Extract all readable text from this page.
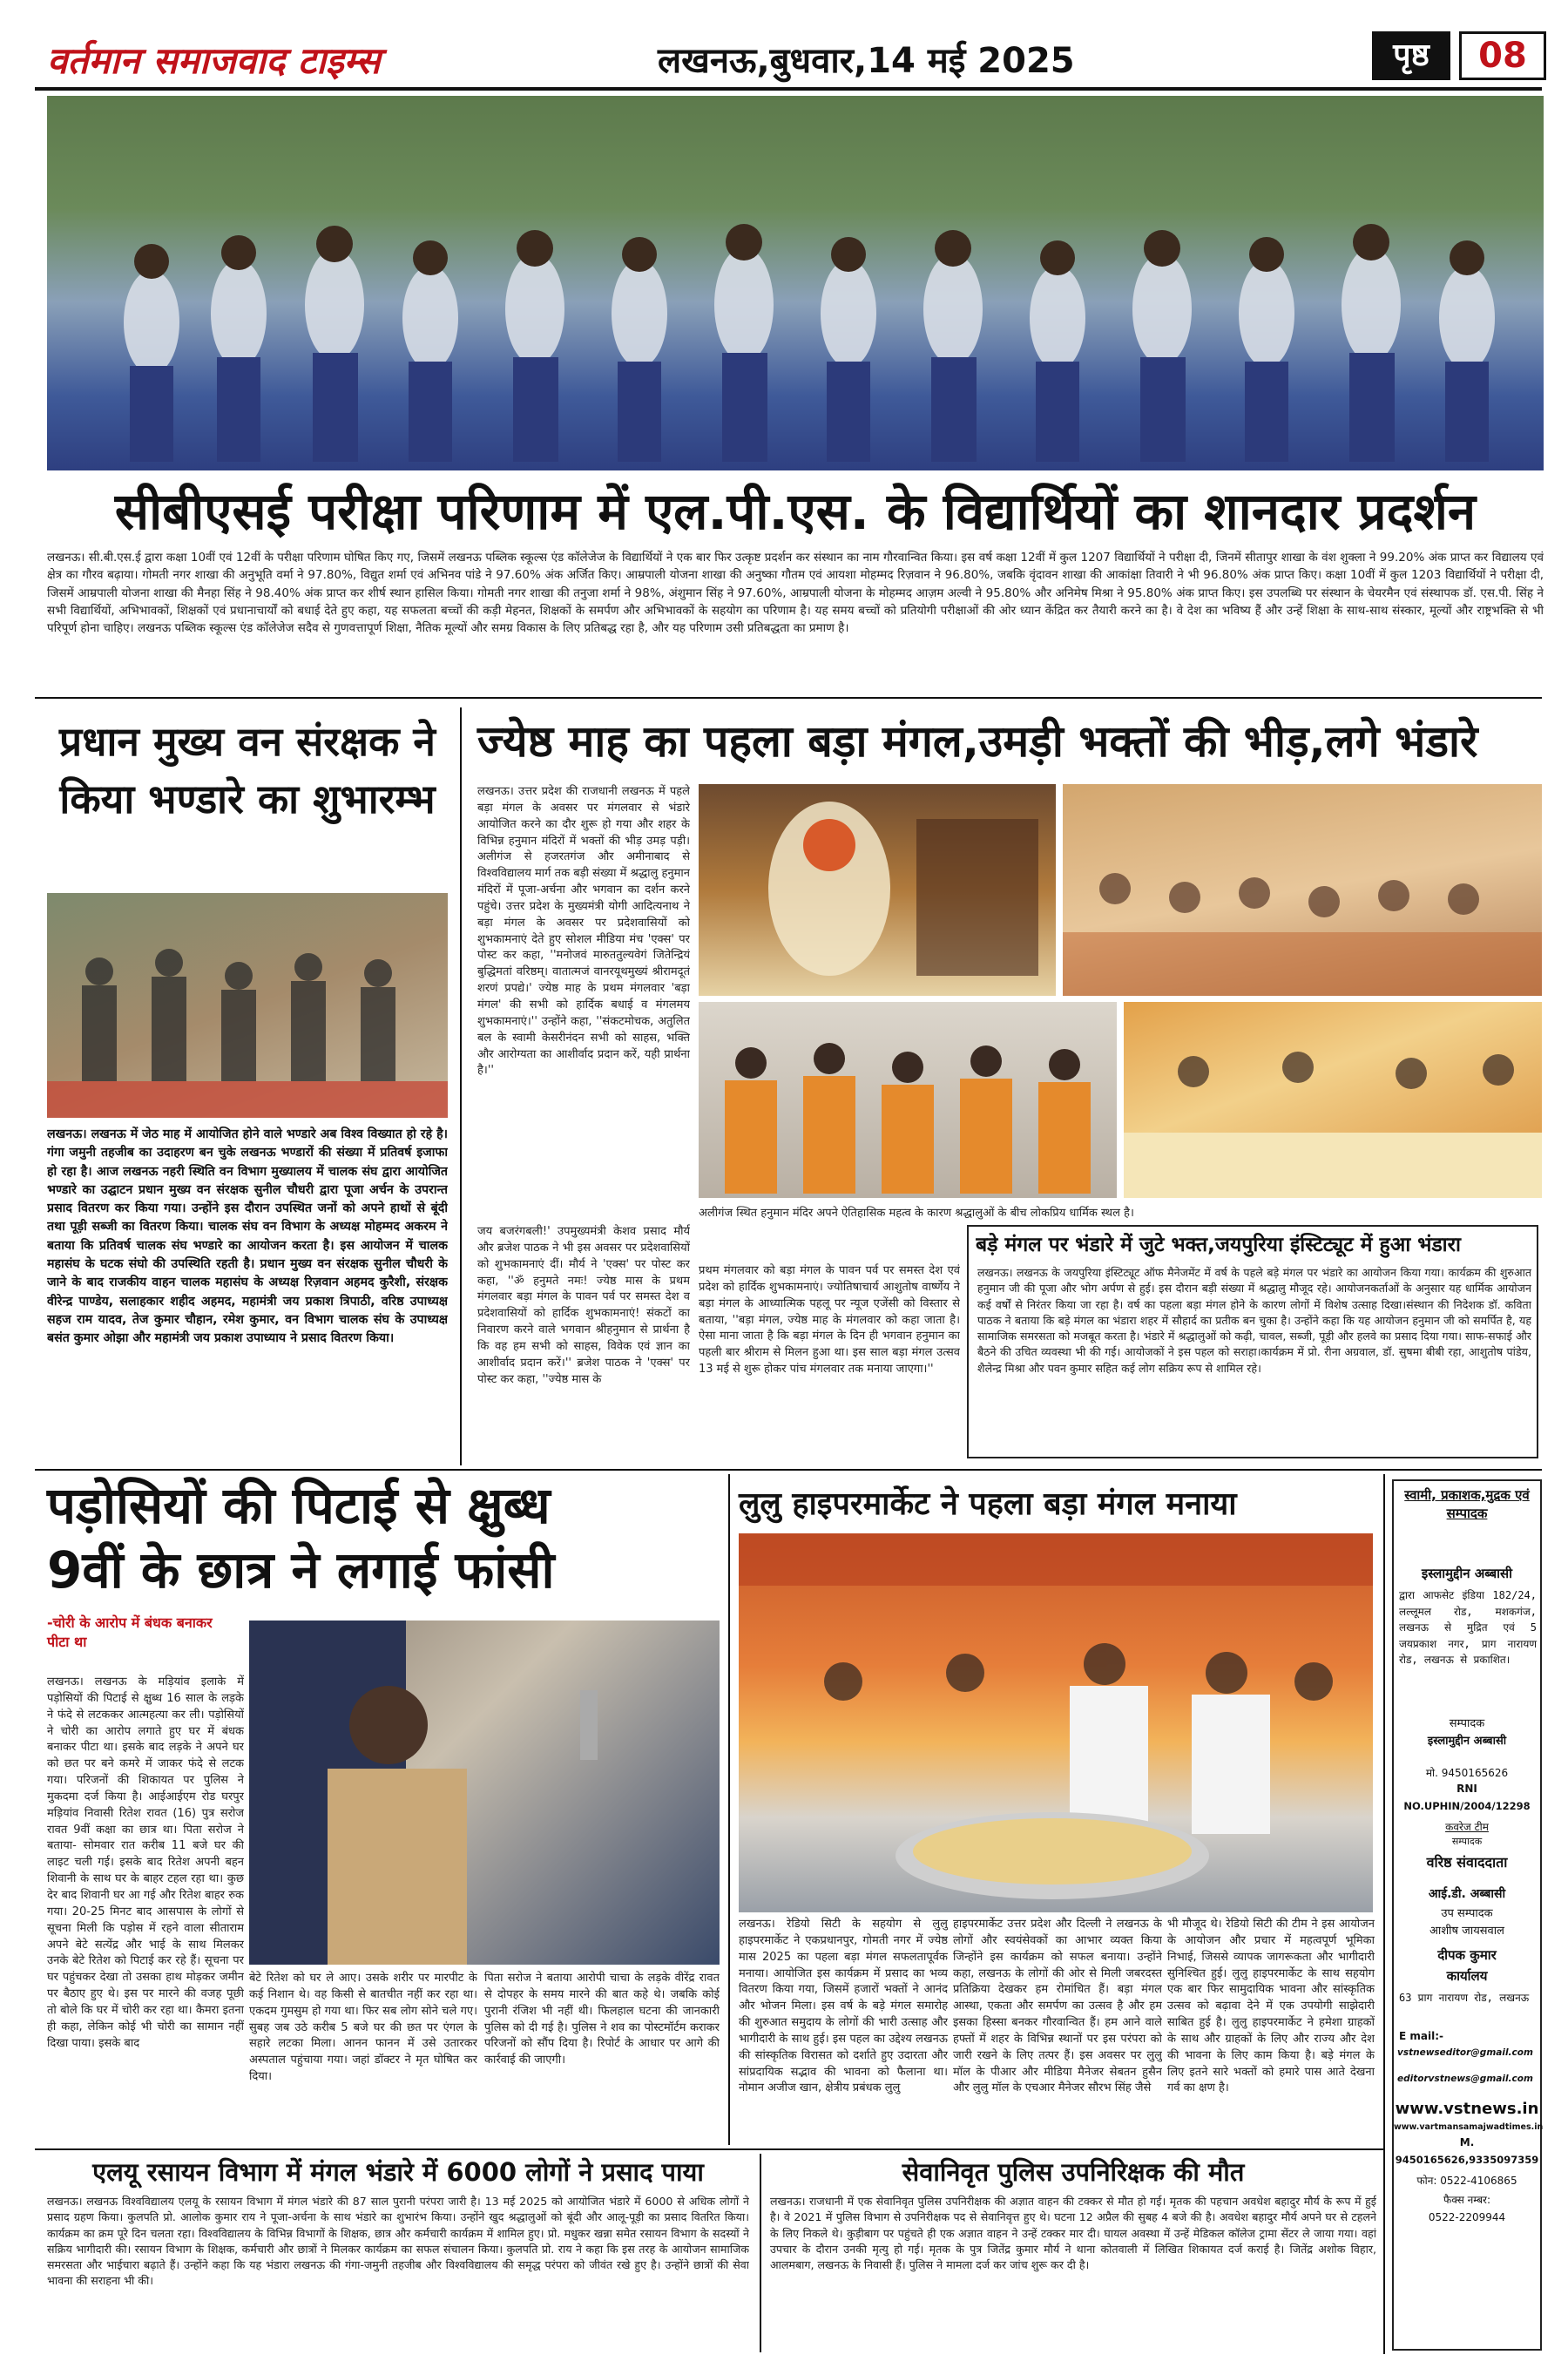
वर्तमान समाजवाद टाइम्स	लखनऊ,बुधवार,14 मई 2025	पृष्ठ	08
सीबीएसई परीक्षा परिणाम में एल.पी.एस. के विद्यार्थियों का शानदार प्रदर्शन
लखनऊ। सी.बी.एस.ई द्वारा कक्षा 10वीं एवं 12वीं के परीक्षा परिणाम घोषित किए गए, जिसमें लखनऊ पब्लिक स्कूल्स एंड कॉलेजेज के विद्यार्थियों ने एक बार फिर उत्कृष्ट प्रदर्शन कर संस्थान का नाम गौरवान्वित किया। इस वर्ष कक्षा 12वीं में कुल 1207 विद्यार्थियों ने परीक्षा दी, जिनमें सीतापुर शाखा के वंश शुक्ला ने 99.20% अंक प्राप्त कर विद्यालय एवं क्षेत्र का गौरव बढ़ाया। गोमती नगर शाखा की अनुभूति वर्मा ने 97.80%, विद्युत शर्मा एवं अभिनव पांडे ने 97.60% अंक अर्जित किए। आम्रपाली योजना शाखा की अनुष्का गौतम एवं आयशा मोहम्मद रिज़वान ने 96.80%, जबकि वृंदावन शाखा की आकांक्षा तिवारी ने भी 96.80% अंक प्राप्त किए। कक्षा 10वीं में कुल 1203 विद्यार्थियों ने परीक्षा दी, जिसमें आम्रपाली योजना शाखा की मैनहा सिंह ने 98.40% अंक प्राप्त कर शीर्ष स्थान हासिल किया। गोमती नगर शाखा की तनुजा शर्मा ने 98%, अंशुमान सिंह ने 97.60%, आम्रपाली योजना के मोहम्मद आज़म अल्वी ने 95.80% और अनिमेष मिश्रा ने 95.80% अंक प्राप्त किए। इस उपलब्धि पर संस्थान के चेयरमैन एवं संस्थापक डॉ. एस.पी. सिंह ने सभी विद्यार्थियों, अभिभावकों, शिक्षकों एवं प्रधानाचार्यों को बधाई देते हुए कहा, यह सफलता बच्चों की कड़ी मेहनत, शिक्षकों के समर्पण और अभिभावकों के सहयोग का परिणाम है। यह समय बच्चों को प्रतियोगी परीक्षाओं की ओर ध्यान केंद्रित कर तैयारी करने का है। वे देश का भविष्य हैं और उन्हें शिक्षा के साथ-साथ संस्कार, मूल्यों और राष्ट्रभक्ति से भी परिपूर्ण होना चाहिए। लखनऊ पब्लिक स्कूल्स एंड कॉलेजेज सदैव से गुणवत्तापूर्ण शिक्षा, नैतिक मूल्यों और समग्र विकास के लिए प्रतिबद्ध रहा है, और यह परिणाम उसी प्रतिबद्धता का प्रमाण है।
प्रधान मुख्य वन संरक्षक ने किया भण्डारे का शुभारम्भ
लखनऊ। लखनऊ में जेठ माह में आयोजित होने वाले भण्डारे अब विश्व विख्यात हो रहे है। गंगा जमुनी तहजीब का उदाहरण बन चुके लखनऊ भण्डारों की संख्या में प्रतिवर्ष इजाफा हो रहा है। आज लखनऊ नहरी स्थिति वन विभाग मुख्यालय में चालक संघ द्वारा आयोजित भण्डारे का उद्घाटन प्रधान मुख्य वन संरक्षक सुनील चौधरी द्वारा पूजा अर्चन के उपरान्त प्रसाद वितरण कर किया गया। उन्होंने इस दौरान उपस्थित जनों को अपने हाथों से बूंदी तथा पूड़ी सब्जी का वितरण किया। चालक संघ वन विभाग के अध्यक्ष मोहम्मद अकरम ने बताया कि प्रतिवर्ष चालक संघ भण्डारे का आयोजन करता है। इस आयोजन में चालक महासंघ के घटक संघो की उपस्थिति रहती है। प्रधान मुख्य वन संरक्षक सुनील चौधरी के जाने के बाद राजकीय वाहन चालक महासंघ के अध्यक्ष रिज़वान अहमद कुरैशी, संरक्षक वीरेन्द्र पाण्डेय, सलाहकार शहीद अहमद, महामंत्री जय प्रकाश त्रिपाठी, वरिष्ठ उपाध्यक्ष सहज राम यादव, तेज कुमार चौहान, रमेश कुमार, वन विभाग चालक संघ के उपाध्यक्ष बसंत कुमार ओझा और महामंत्री जय प्रकाश उपाध्याय ने प्रसाद वितरण किया।
ज्येष्ठ माह का पहला बड़ा मंगल,उमड़ी भक्तों की भीड़,लगे भंडारे
लखनऊ। उत्तर प्रदेश की राजधानी लखनऊ में पहले बड़ा मंगल के अवसर पर मंगलवार से भंडारे आयोजित करने का दौर शुरू हो गया और शहर के विभिन्न हनुमान मंदिरों में भक्तों की भीड़ उमड़ पड़ी। अलीगंज से हजरतगंज और अमीनाबाद से विश्वविद्यालय मार्ग तक बड़ी संख्या में श्रद्धालु हनुमान मंदिरों में पूजा-अर्चना और भगवान का दर्शन करने पहुंचे। उत्तर प्रदेश के मुख्यमंत्री योगी आदित्यनाथ ने बड़ा मंगल के अवसर पर प्रदेशवासियों को शुभकामनाएं देते हुए सोशल मीडिया मंच 'एक्स' पर पोस्ट कर कहा, ''मनोजवं मारुततुल्यवेगं जितेन्द्रियं बुद्धिमतां वरिष्ठम्। वातात्मजं वानरयूथमुख्यं श्रीरामदूतं शरणं प्रपद्ये।' ज्येष्ठ माह के प्रथम मंगलवार 'बड़ा मंगल' की सभी को हार्दिक बधाई व मंगलमय शुभकामनाएं।'' उन्होंने कहा, ''संकटमोचक, अतुलित बल के स्वामी केसरीनंदन सभी को साहस, भक्ति और आरोग्यता का आशीर्वाद प्रदान करें, यही प्रार्थना है।''
जय बजरंगबली!' उपमुख्यमंत्री केशव प्रसाद मौर्य और ब्रजेश पाठक ने भी इस अवसर पर प्रदेशवासियों को शुभकामनाएं दीं। मौर्य ने 'एक्स' पर पोस्ट कर कहा, ''ॐ हनुमते नमः! ज्येष्ठ मास के प्रथम मंगलवार बड़ा मंगल के पावन पर्व पर समस्त देश व प्रदेशवासियों को हार्दिक शुभकामनाएं! संकटों का निवारण करने वाले भगवान श्रीहनुमान से प्रार्थना है कि वह हम सभी को साहस, विवेक एवं ज्ञान का आशीर्वाद प्रदान करें।'' ब्रजेश पाठक ने 'एक्स' पर पोस्ट कर कहा, ''ज्येष्ठ मास के
प्रथम मंगलवार को बड़ा मंगल के पावन पर्व पर समस्त देश एवं प्रदेश को हार्दिक शुभकामनाएं। ज्योतिषाचार्य आशुतोष वार्ष्णेय ने बड़ा मंगल के आध्यात्मिक पहलू पर न्यूज एजेंसी को विस्तार से बताया, ''बड़ा मंगल, ज्येष्ठ माह के मंगलवार को कहा जाता है। ऐसा माना जाता है कि बड़ा मंगल के दिन ही भगवान हनुमान का पहली बार श्रीराम से मिलन हुआ था। इस साल बड़ा मंगल उत्सव 13 मई से शुरू होकर पांच मंगलवार तक मनाया जाएगा।''
अलीगंज स्थित हनुमान मंदिर अपने ऐतिहासिक महत्व के कारण श्रद्धालुओं के बीच लोकप्रिय धार्मिक स्थल है।
बड़े मंगल पर भंडारे में जुटे भक्त,जयपुरिया इंस्टिट्यूट में हुआ भंडारा
लखनऊ। लखनऊ के जयपुरिया इंस्टिट्यूट ऑफ मैनेजमेंट में वर्ष के पहले बड़े मंगल पर भंडारे का आयोजन किया गया। कार्यक्रम की शुरुआत हनुमान जी की पूजा और भोग अर्पण से हुई। इस दौरान बड़ी संख्या में श्रद्धालु मौजूद रहे। आयोजनकर्ताओं के अनुसार यह धार्मिक आयोजन कई वर्षों से निरंतर किया जा रहा है। वर्ष का पहला बड़ा मंगल होने के कारण लोगों में विशेष उत्साह दिखा।संस्थान की निदेशक डॉ. कविता पाठक ने बताया कि बड़े मंगल का भंडारा शहर में सौहार्द का प्रतीक बन चुका है। उन्होंने कहा कि यह आयोजन हनुमान जी को समर्पित है, यह सामाजिक समरसता को मजबूत करता है। भंडारे में श्रद्धालुओं को कढ़ी, चावल, सब्जी, पूड़ी और हलवे का प्रसाद दिया गया। साफ-सफाई और बैठने की उचित व्यवस्था भी की गई। आयोजकों ने इस पहल को सराहा।कार्यक्रम में प्रो. रीना अग्रवाल, डॉ. सुषमा बीबी रहा, आशुतोष पांडेय, शैलेन्द्र मिश्रा और पवन कुमार सहित कई लोग सक्रिय रूप से शामिल रहे।
पड़ोसियों की पिटाई से क्षुब्ध
9वीं के छात्र ने लगाई फांसी
-चोरी के आरोप में बंधक बनाकर पीटा था
लखनऊ। लखनऊ के मड़ियांव इलाके में पड़ोसियों की पिटाई से क्षुब्ध 16 साल के लड़के ने फंदे से लटककर आत्महत्या कर ली। पड़ोसियों ने चोरी का आरोप लगाते हुए घर में बंधक बनाकर पीटा था। इसके बाद लड़के ने अपने घर को छत पर बने कमरे में जाकर फंदे से लटक गया। परिजनों की शिकायत पर पुलिस ने मुकदमा दर्ज किया है। आईआईएम रोड घरपुर मड़ियांव निवासी रितेश रावत (16) पुत्र सरोज रावत 9वीं कक्षा का छात्र था। पिता सरोज ने बताया- सोमवार रात करीब 11 बजे घर की लाइट चली गई। इसके बाद रितेश अपनी बहन शिवानी के साथ घर के बाहर टहल रहा था। कुछ देर बाद शिवानी घर आ गई और रितेश बाहर रुक गया। 20-25 मिनट बाद आसपास के लोगों से सूचना मिली कि पड़ोस में रहने वाला सीताराम अपने बेटे सत्येंद्र और भाई के साथ मिलकर उनके बेटे रितेश को पिटाई कर रहे हैं। सूचना पर घर पहुंचकर देखा तो उसका हाथ मोड़कर जमीन पर बैठाए हुए थे। इस पर मारने की वजह पूछी तो बोले कि घर में चोरी कर रहा था। कैमरा इतना ही कहा, लेकिन कोई भी चोरी का सामान नहीं दिखा पाया। इसके बाद
बेटे रितेश को घर ले आए। उसके शरीर पर मारपीट के कई निशान थे। वह किसी से बातचीत नहीं कर रहा था। एकदम गुमसुम हो गया था। फिर सब लोग सोने चले गए। सुबह जब उठे करीब 5 बजे घर की छत पर एंगल के सहारे लटका मिला। आनन फानन में उसे उतारकर अस्पताल पहुंचाया गया। जहां डॉक्टर ने मृत घोषित कर दिया।
पिता सरोज ने बताया आरोपी चाचा के लड़के वीरेंद्र रावत से दोपहर के समय मारने की बात कहे थे। जबकि कोई पुरानी रंजिश भी नहीं थी। फिलहाल घटना की जानकारी पुलिस को दी गई है। पुलिस ने शव का पोस्टमॉर्टम कराकर परिजनों को सौंप दिया है। रिपोर्ट के आधार पर आगे की कार्रवाई की जाएगी।
लुलु हाइपरमार्केट ने पहला बड़ा मंगल मनाया
लखनऊ। रेडियो सिटी के सहयोग से लुलु हाइपरमार्केट ने एकप्रधानपुर, गोमती नगर में ज्येष्ठ मास 2025 का पहला बड़ा मंगल सफलतापूर्वक मनाया। आयोजित इस कार्यक्रम में प्रसाद का भव्य वितरण किया गया, जिसमें हजारों भक्तों ने आनंद और भोजन मिला। इस वर्ष के बड़े मंगल समारोह की शुरुआत समुदाय के लोगों की भारी उत्साह और भागीदारी के साथ हुई। इस पहल का उद्देश्य लखनऊ की सांस्कृतिक विरासत को दर्शाते हुए उदारता और सांप्रदायिक सद्भाव की भावना को फैलाना था। नोमान अजीज खान, क्षेत्रीय प्रबंधक लुलु
हाइपरमार्केट उत्तर प्रदेश और दिल्ली ने लखनऊ के लोगों और स्वयंसेवकों का आभार व्यक्त किया जिन्होंने इस कार्यक्रम को सफल बनाया। उन्होंने कहा, लखनऊ के लोगों की ओर से मिली जबरदस्त प्रतिक्रिया देखकर हम रोमांचित हैं। बड़ा मंगल आस्था, एकता और समर्पण का उत्सव है और हम इसका हिस्सा बनकर गौरवान्वित हैं। हम आने वाले हफ्तों में शहर के विभिन्न स्थानों पर इस परंपरा को जारी रखने के लिए तत्पर हैं। इस अवसर पर लुलु मॉल के पीआर और मीडिया मैनेजर सेबतन हुसैन और लुलु मॉल के एचआर मैनेजर सौरभ सिंह जैसे
भी मौजूद थे। रेडियो सिटी की टीम ने इस आयोजन के आयोजन और प्रचार में महत्वपूर्ण भूमिका निभाई, जिससे व्यापक जागरूकता और भागीदारी सुनिश्चित हुई। लुलु हाइपरमार्केट के साथ सहयोग एक बार फिर सामुदायिक भावना और सांस्कृतिक उत्सव को बढ़ावा देने में एक उपयोगी साझेदारी साबित हुई है। लुलु हाइपरमार्केट ने हमेशा ग्राहकों के साथ और ग्राहकों के लिए और राज्य और देश की भावना के लिए काम किया है। बड़े मंगल के लिए इतने सारे भक्तों को हमारे पास आते देखना गर्व का क्षण है।
स्वामी, प्रकाशक,मुद्रक एवं सम्पादक
इस्लामुद्दीन अब्बासी
द्वारा आफसेट इंडिया 182/24, लल्लूमल रोड, मशकगंज, लखनऊ से मुद्रित एवं 5 जयप्रकाश नगर, प्राग नारायण रोड, लखनऊ से प्रकाशित।
सम्पादक
इस्लामुद्दीन अब्बासी
मो. 9450165626
RNI
NO.UPHIN/2004/12298
कवरेज टीम
सम्पादक
वरिष्ठ संवाददाता
आई.डी. अब्बासी
उप सम्पादक
आशीष जायसवाल
दीपक कुमार
कार्यालय
63 प्राग नारायण रोड, लखनऊ
E mail:-
vstnewseditor@gmail.com
editorvstnews@gmail.com
www.vstnews.in
www.vartmansamajwadtimes.in
M.
9450165626,9335097359
फोन: 0522-4106865
फैक्स नम्बर:
0522-2209944
एलयू रसायन विभाग में मंगल भंडारे में 6000 लोगों ने प्रसाद पाया
लखनऊ। लखनऊ विश्वविद्यालय एलयू के रसायन विभाग में मंगल भंडारे की 87 साल पुरानी परंपरा जारी है। 13 मई 2025 को आयोजित भंडारे में 6000 से अधिक लोगों ने प्रसाद ग्रहण किया। कुलपति प्रो. आलोक कुमार राय ने पूजा-अर्चना के साथ भंडारे का शुभारंभ किया। उन्होंने खुद श्रद्धालुओं को बूंदी और आलू-पूड़ी का प्रसाद वितरित किया। कार्यक्रम का क्रम पूरे दिन चलता रहा। विश्वविद्यालय के विभिन्न विभागों के शिक्षक, छात्र और कर्मचारी कार्यक्रम में शामिल हुए। प्रो. मधुकर खन्ना समेत रसायन विभाग के सदस्यों ने सक्रिय भागीदारी की। रसायन विभाग के शिक्षक, कर्मचारी और छात्रों ने मिलकर कार्यक्रम का सफल संचालन किया। कुलपति प्रो. राय ने कहा कि इस तरह के आयोजन सामाजिक समरसता और भाईचारा बढ़ाते हैं। उन्होंने कहा कि यह भंडारा लखनऊ की गंगा-जमुनी तहजीब और विश्वविद्यालय की समृद्ध परंपरा को जीवंत रखे हुए है। उन्होंने छात्रों की सेवा भावना की सराहना भी की।
सेवानिवृत पुलिस उपनिरिक्षक की मौत
लखनऊ। राजधानी में एक सेवानिवृत पुलिस उपनिरीक्षक की अज्ञात वाहन की टक्कर से मौत हो गई। मृतक की पहचान अवधेश बहादुर मौर्य के रूप में हुई है। वे 2021 में पुलिस विभाग से उपनिरीक्षक पद से सेवानिवृत्त हुए थे। घटना 12 अप्रैल की सुबह 4 बजे की है। अवधेश बहादुर मौर्य अपने घर से टहलने के लिए निकले थे। कुड़ीबाग पर पहुंचते ही एक अज्ञात वाहन ने उन्हें टक्कर मार दी। घायल अवस्था में उन्हें मेडिकल कॉलेज ट्रामा सेंटर ले जाया गया। वहां उपचार के दौरान उनकी मृत्यु हो गई। मृतक के पुत्र जितेंद्र कुमार मौर्य ने थाना कोतवाली में लिखित शिकायत दर्ज कराई है। जितेंद्र अशोक विहार, आलमबाग, लखनऊ के निवासी हैं। पुलिस ने मामला दर्ज कर जांच शुरू कर दी है।
